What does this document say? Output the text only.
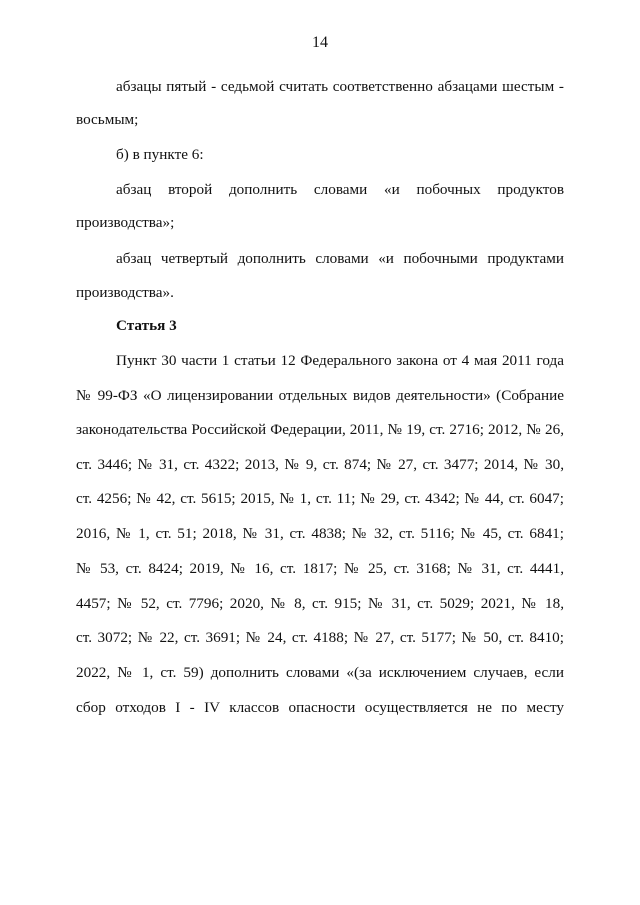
14
абзацы пятый - седьмой считать соответственно абзацами шестым -
восьмым;
б) в пункте 6:
абзац второй дополнить словами «и побочных продуктов
производства»;
абзац четвертый дополнить словами «и побочными продуктами
производства».
Статья 3
Пункт 30 части 1 статьи 12 Федерального закона от 4 мая 2011 года
№ 99-ФЗ «О лицензировании отдельных видов деятельности» (Собрание
законодательства Российской Федерации, 2011, № 19, ст. 2716; 2012, № 26,
ст. 3446; № 31, ст. 4322; 2013, № 9, ст. 874; № 27, ст. 3477; 2014, № 30,
ст. 4256; № 42, ст. 5615; 2015, № 1, ст. 11; № 29, ст. 4342; № 44, ст. 6047;
2016, № 1, ст. 51; 2018, № 31, ст. 4838; № 32, ст. 5116; № 45, ст. 6841;
№ 53, ст. 8424; 2019, № 16, ст. 1817; № 25, ст. 3168; № 31, ст. 4441,
4457; № 52, ст. 7796; 2020, № 8, ст. 915; № 31, ст. 5029; 2021, № 18,
ст. 3072; № 22, ст. 3691; № 24, ст. 4188; № 27, ст. 5177; № 50, ст. 8410;
2022, № 1, ст. 59) дополнить словами «(за исключением случаев, если
сбор отходов I - IV классов опасности осуществляется не по месту
